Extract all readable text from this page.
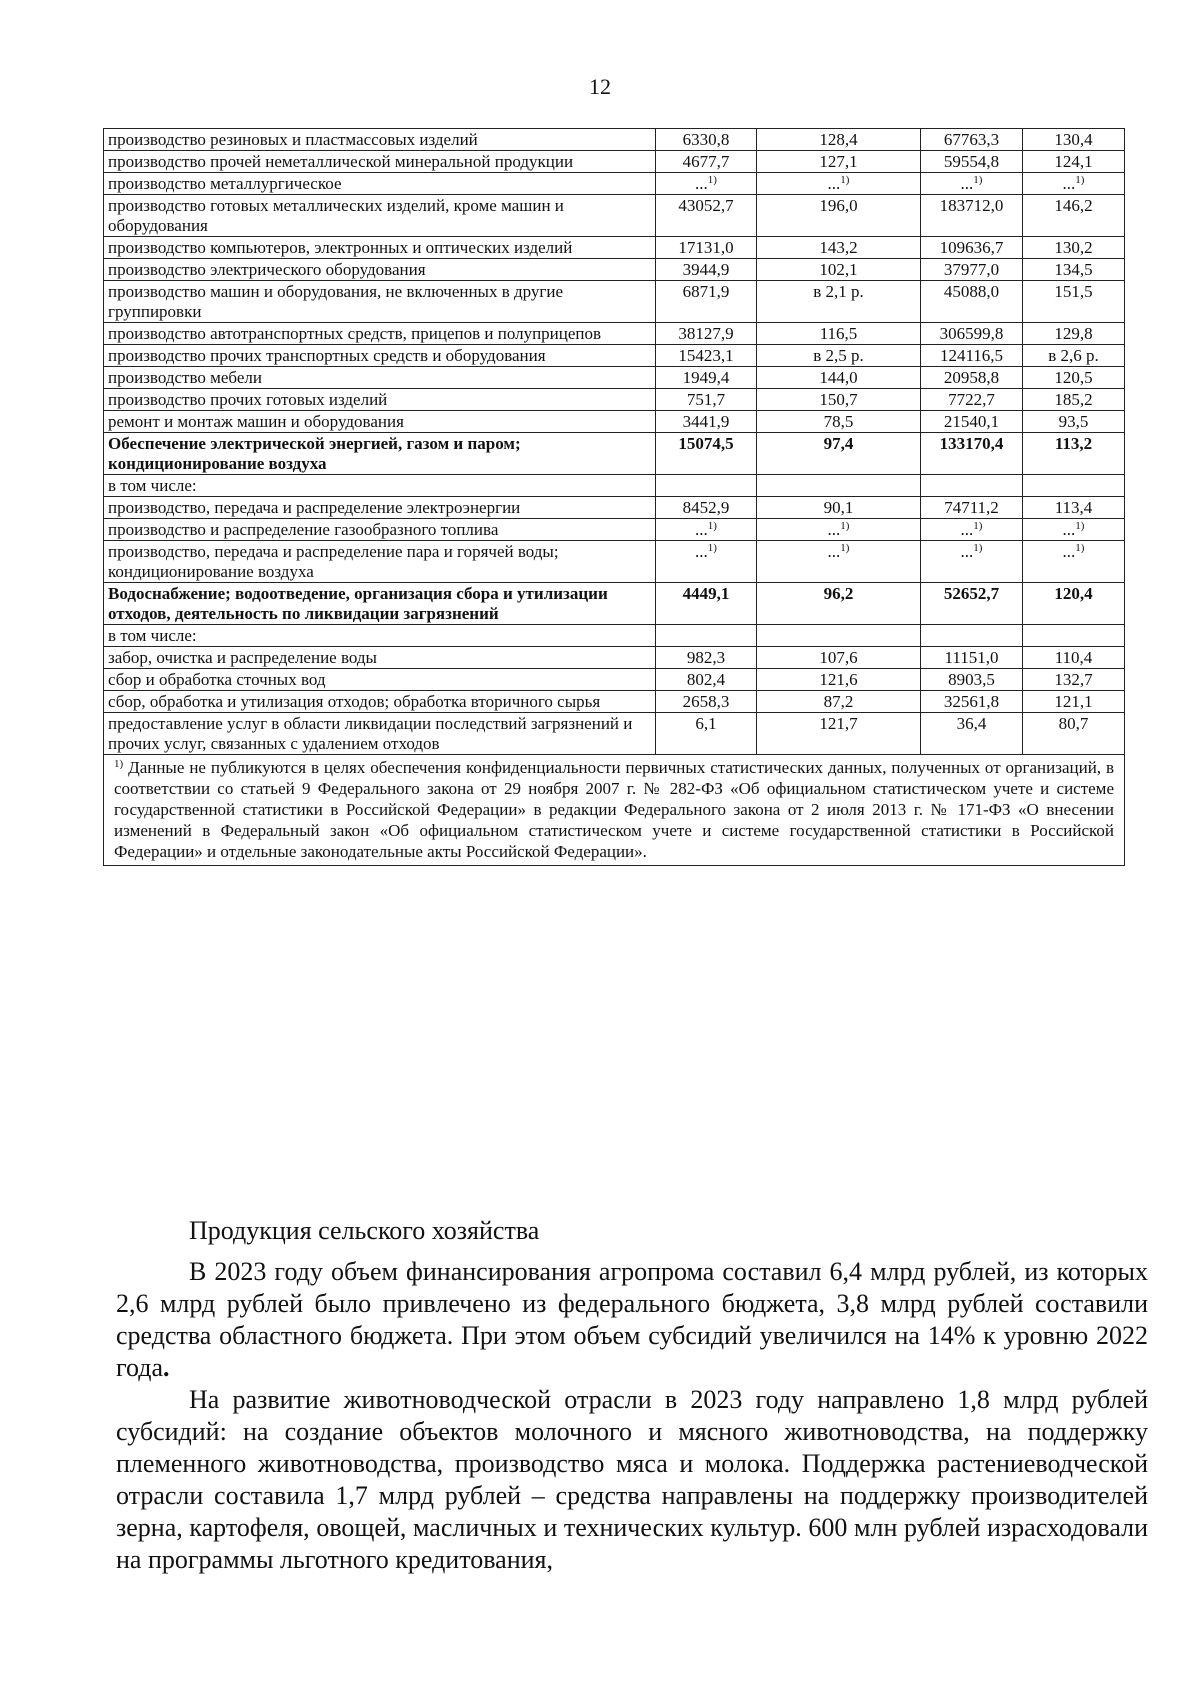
12
производство резиновых и пластмассовых изделий	6330,8	128,4	67763,3	130,4
производство прочей неметаллической минеральной продукции	4677,7	127,1	59554,8	124,1
производство металлургическое	...$^{1)}$	...$^{1)}$	...$^{1)}$	...$^{1)}$
производство готовых металлических изделий, кроме машин и оборудования	43052,7	196,0	183712,0	146,2
производство компьютеров, электронных и оптических изделий	17131,0	143,2	109636,7	130,2
производство электрического оборудования	3944,9	102,1	37977,0	134,5
производство машин и оборудования, не включенных в другие группировки	6871,9	в 2,1 р.	45088,0	151,5
производство автотранспортных средств, прицепов и полуприцепов	38127,9	116,5	306599,8	129,8
производство прочих транспортных средств и оборудования	15423,1	в 2,5 р.	124116,5	в 2,6 р.
производство мебели	1949,4	144,0	20958,8	120,5
производство прочих готовых изделий	751,7	150,7	7722,7	185,2
ремонт и монтаж машин и оборудования	3441,9	78,5	21540,1	93,5
Обеспечение электрической энергией, газом и паром; кондиционирование воздуха	15074,5	97,4	133170,4	113,2
в том числе:				
производство, передача и распределение электроэнергии	8452,9	90,1	74711,2	113,4
производство и распределение газообразного топлива	...$^{1)}$	...$^{1)}$	...$^{1)}$	...$^{1)}$
производство, передача и распределение пара и горячей воды; кондиционирование воздуха	...$^{1)}$	...$^{1)}$	...$^{1)}$	...$^{1)}$
Водоснабжение; водоотведение, организация сбора и утилизации отходов, деятельность по ликвидации загрязнений	4449,1	96,2	52652,7	120,4
в том числе:				
забор, очистка и распределение воды	982,3	107,6	11151,0	110,4
сбор и обработка сточных вод	802,4	121,6	8903,5	132,7
сбор, обработка и утилизация отходов; обработка вторичного сырья	2658,3	87,2	32561,8	121,1
предоставление услуг в области ликвидации последствий загрязнений и прочих услуг, связанных с удалением отходов	6,1	121,7	36,4	80,7
$^{1)}$ Данные не публикуются в целях обеспечения конфиденциальности первичных статистических данных, полученных от организаций, в соответствии со статьей 9 Федерального закона от 29 ноября 2007 г. № 282-ФЗ «Об официальном статистическом учете и системе государственной статистики в Российской Федерации» в редакции Федерального закона от 2 июля 2013 г. № 171-ФЗ «О внесении изменений в Федеральный закон «Об официальном статистическом учете и системе государственной статистики в Российской Федерации» и отдельные законодательные акты Российской Федерации».				
Продукция сельского хозяйства

В 2023 году объем финансирования агропрома составил 6,4 млрд рублей, из которых 2,6 млрд рублей было привлечено из федерального бюджета, 3,8 млрд рублей составили средства областного бюджета. При этом объем субсидий увеличился на 14% к уровню 2022 года.

На развитие животноводческой отрасли в 2023 году направлено 1,8 млрд рублей субсидий: на создание объектов молочного и мясного животноводства, на поддержку племенного животноводства, производство мяса и молока. Поддержка растениеводческой отрасли составила 1,7 млрд рублей – средства направлены на поддержку производителей зерна, картофеля, овощей, масличных и технических культур. 600 млн рублей израсходовали на программы льготного кредитования,
